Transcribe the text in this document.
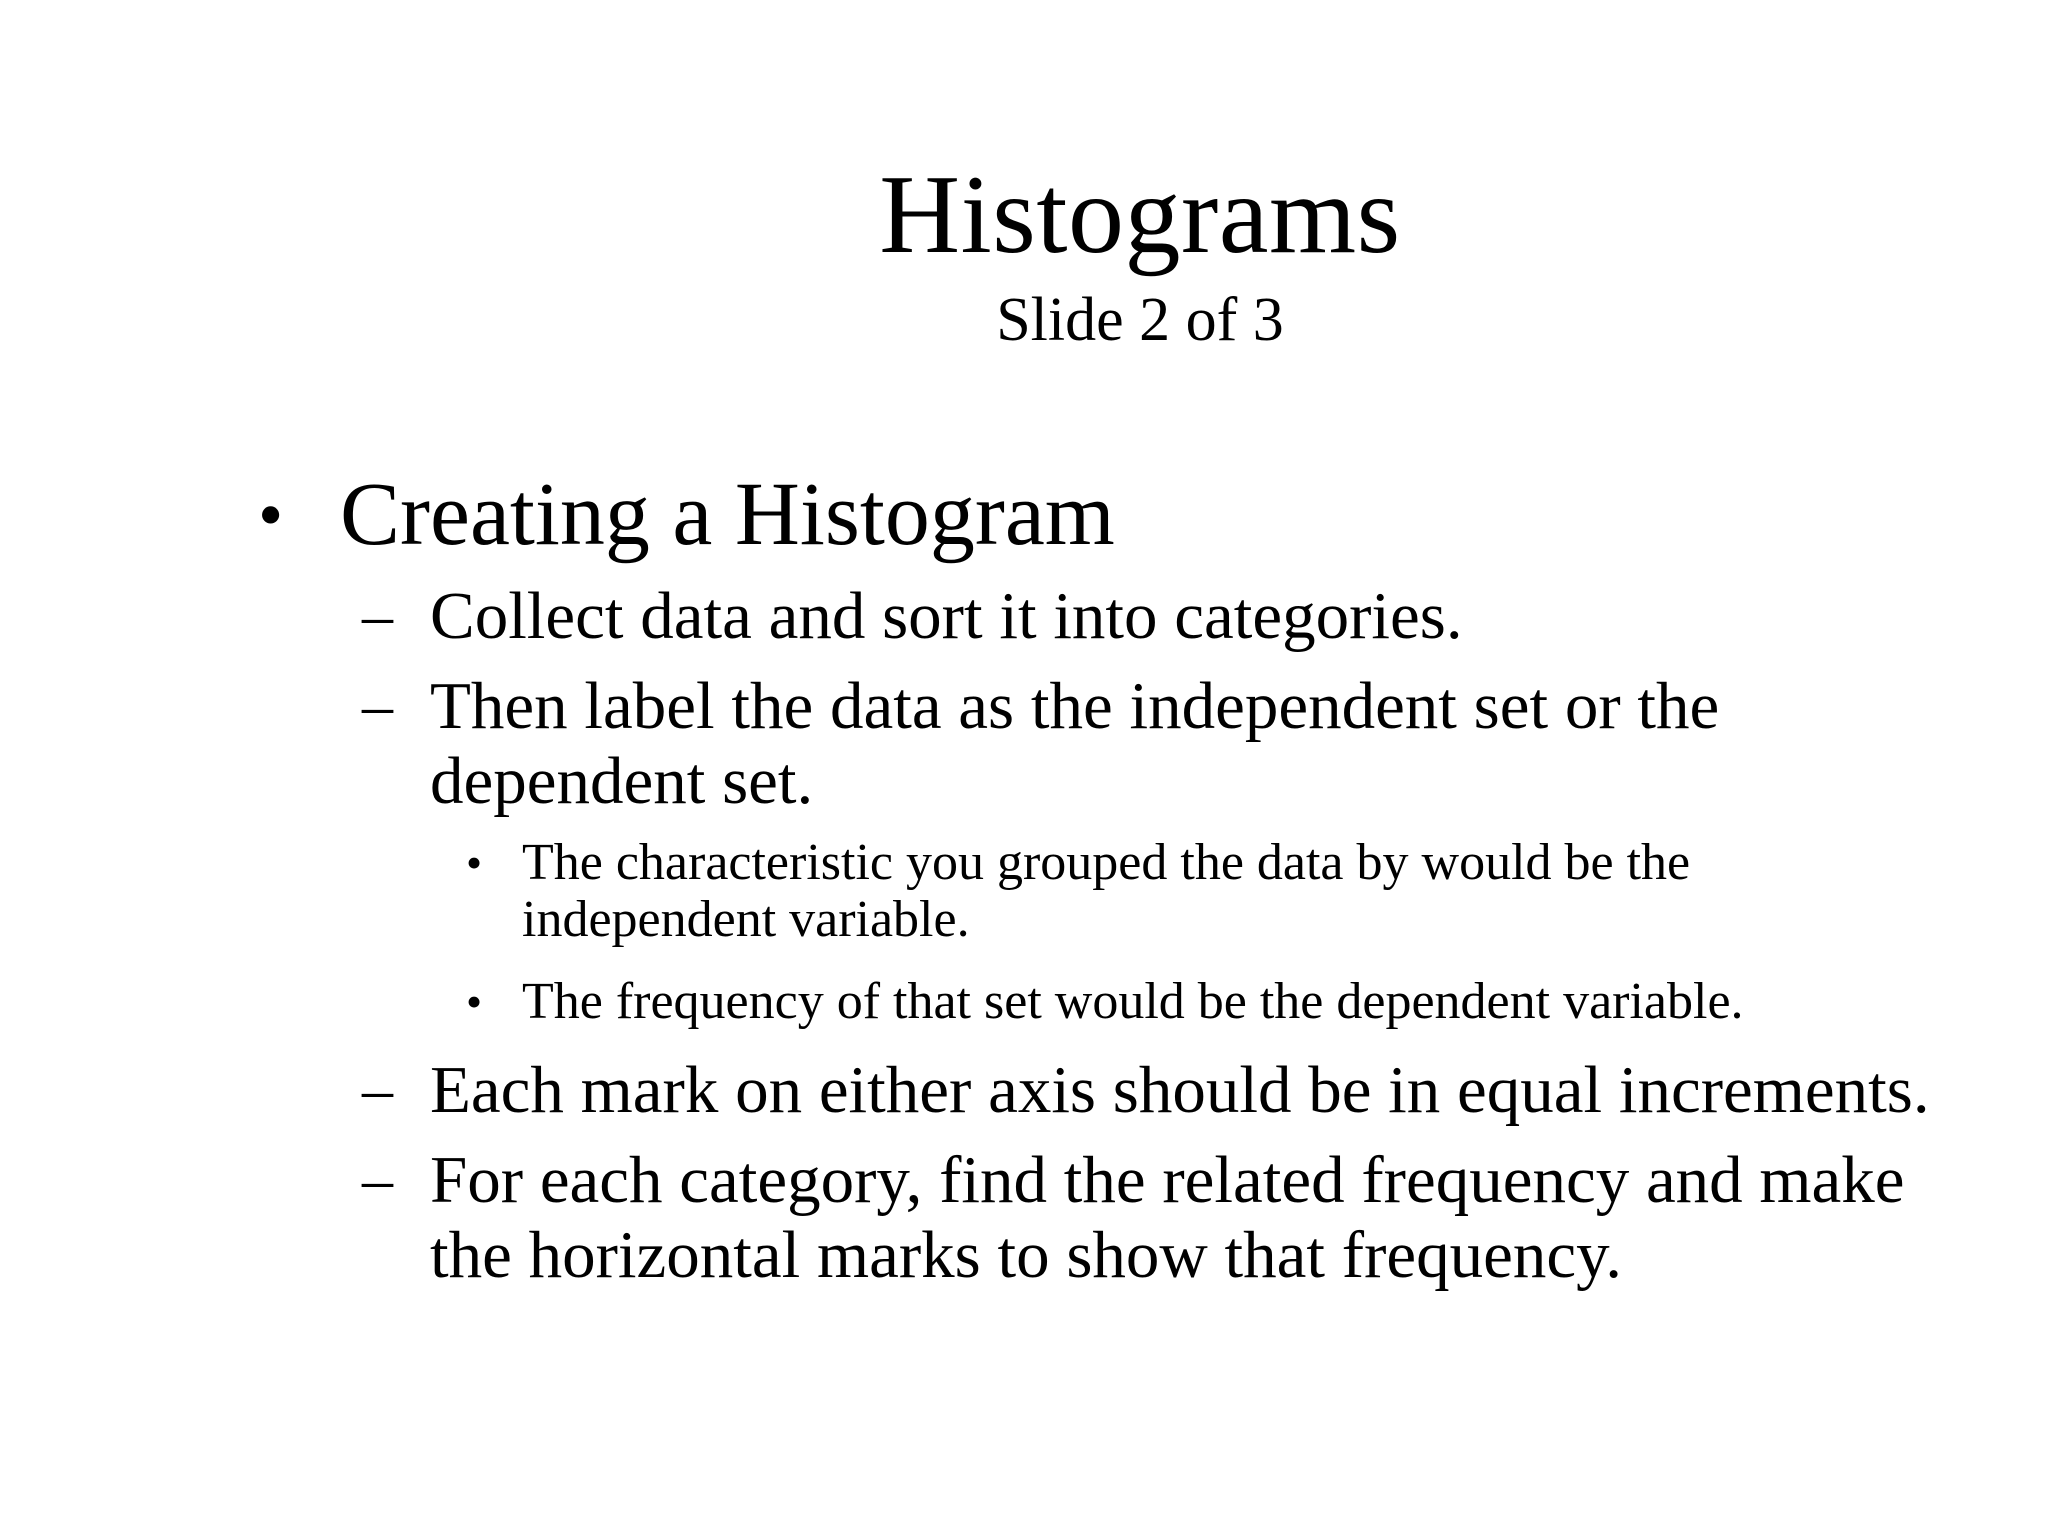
Histograms
Slide 2 of 3
• Creating a Histogram
– Collect data and sort it into categories.
– Then label the data as the independent set or the
dependent set.
• The characteristic you grouped the data by would be the
independent variable.
• The frequency of that set would be the dependent variable.
– Each mark on either axis should be in equal increments.
– For each category, find the related frequency and make
the horizontal marks to show that frequency.
